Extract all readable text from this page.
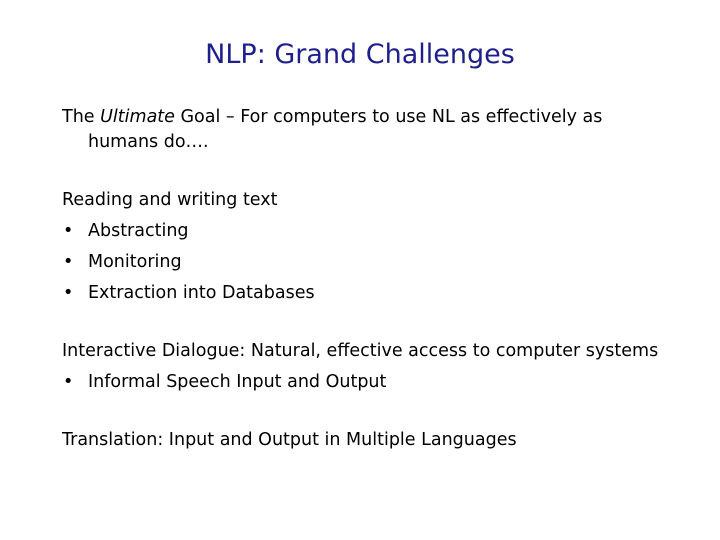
NLP: Grand Challenges

The Ultimate Goal – For computers to use NL as effectively as humans do….

Reading and writing text

• Abstracting

• Monitoring

• Extraction into Databases

Interactive Dialogue: Natural, effective access to computer systems

• Informal Speech Input and Output

Translation: Input and Output in Multiple Languages
